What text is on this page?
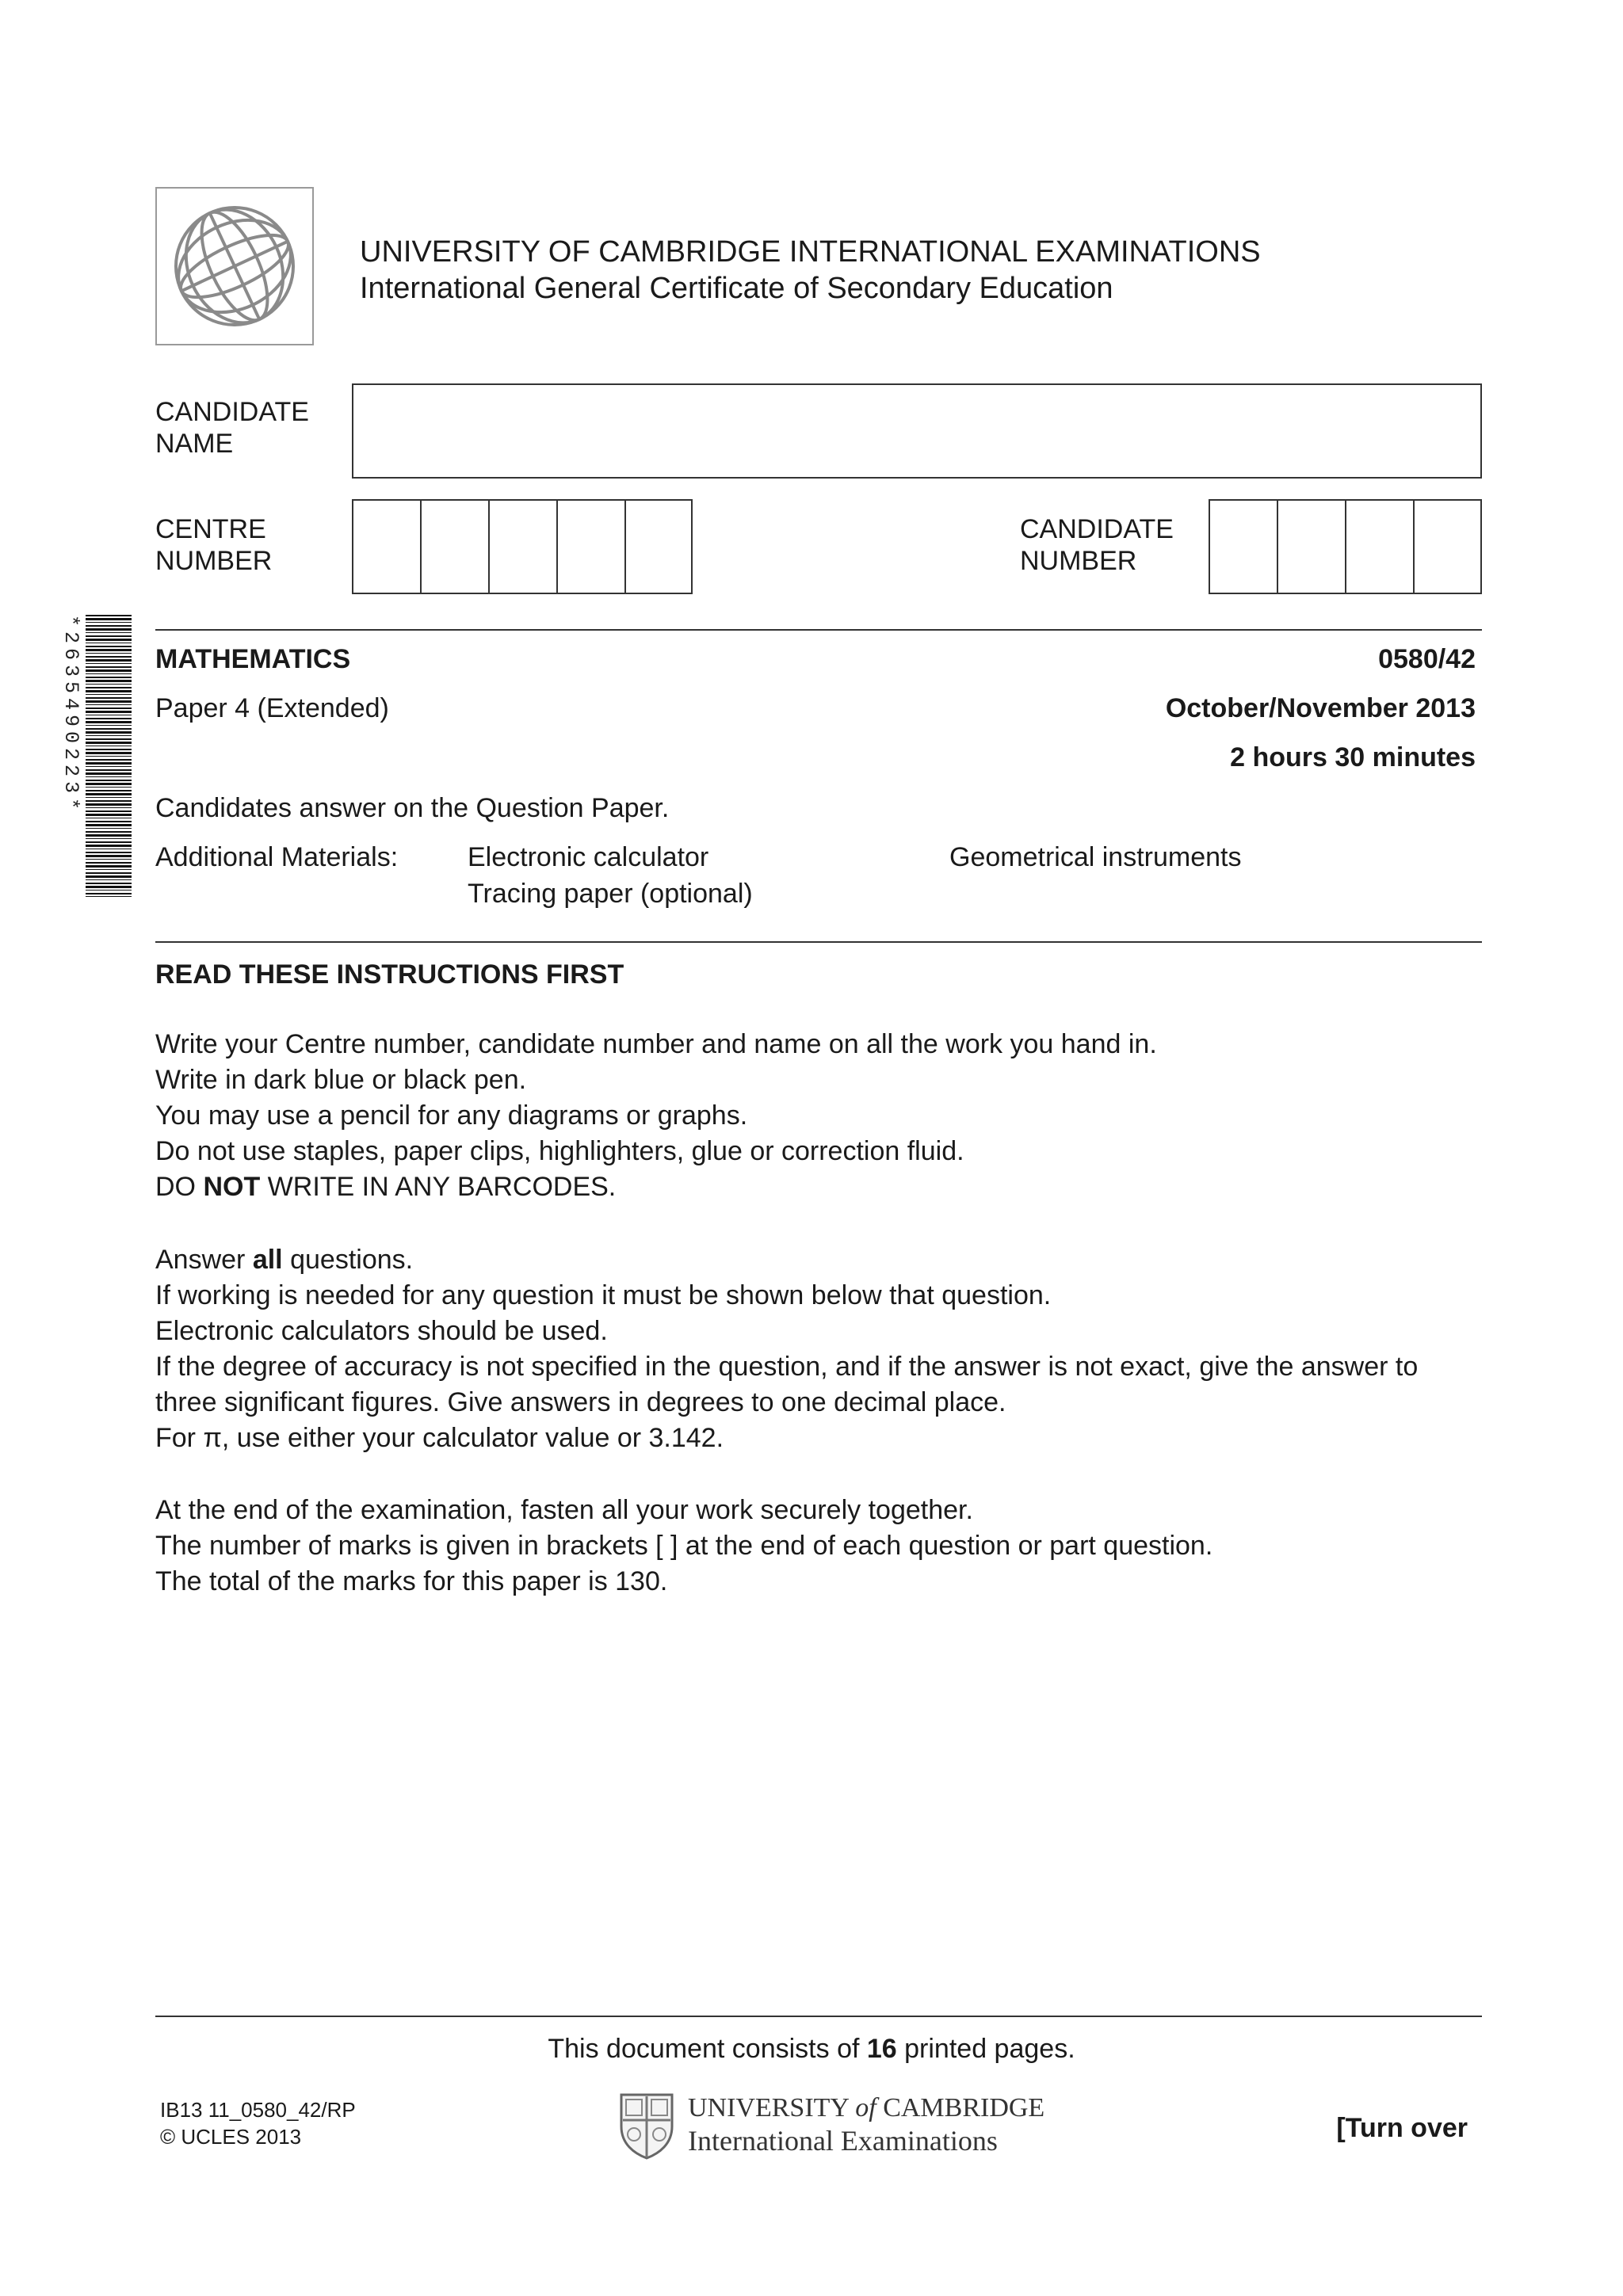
UNIVERSITY OF CAMBRIDGE INTERNATIONAL EXAMINATIONS
International General Certificate of Secondary Education
CANDIDATE
NAME
CENTRE
NUMBER
CANDIDATE
NUMBER
*2635490223*	MATHEMATICS	0580/42
Paper 4 (Extended)	October/November 2013
2 hours 30 minutes
Candidates answer on the Question Paper.
Additional Materials:	Electronic calculator
Tracing paper (optional)
Geometrical instruments
READ THESE INSTRUCTIONS FIRST

Write your Centre number, candidate number and name on all the work you hand in.

Write in dark blue or black pen.

You may use a pencil for any diagrams or graphs.

Do not use staples, paper clips, highlighters, glue or correction fluid.

DO NOT WRITE IN ANY BARCODES.

Answer all questions.

If working is needed for any question it must be shown below that question.

Electronic calculators should be used.

If the degree of accuracy is not specified in the question, and if the answer is not exact, give the answer to

three significant figures. Give answers in degrees to one decimal place.

For π, use either your calculator value or 3.142.

At the end of the examination, fasten all your work securely together.

The number of marks is given in brackets [ ] at the end of each question or part question.

The total of the marks for this paper is 130.

This document consists of 16 printed pages.
IB13 11_0580_42/RP
© UCLES 2013
UNIVERSITY of CAMBRIDGE
International Examinations	[Turn over
